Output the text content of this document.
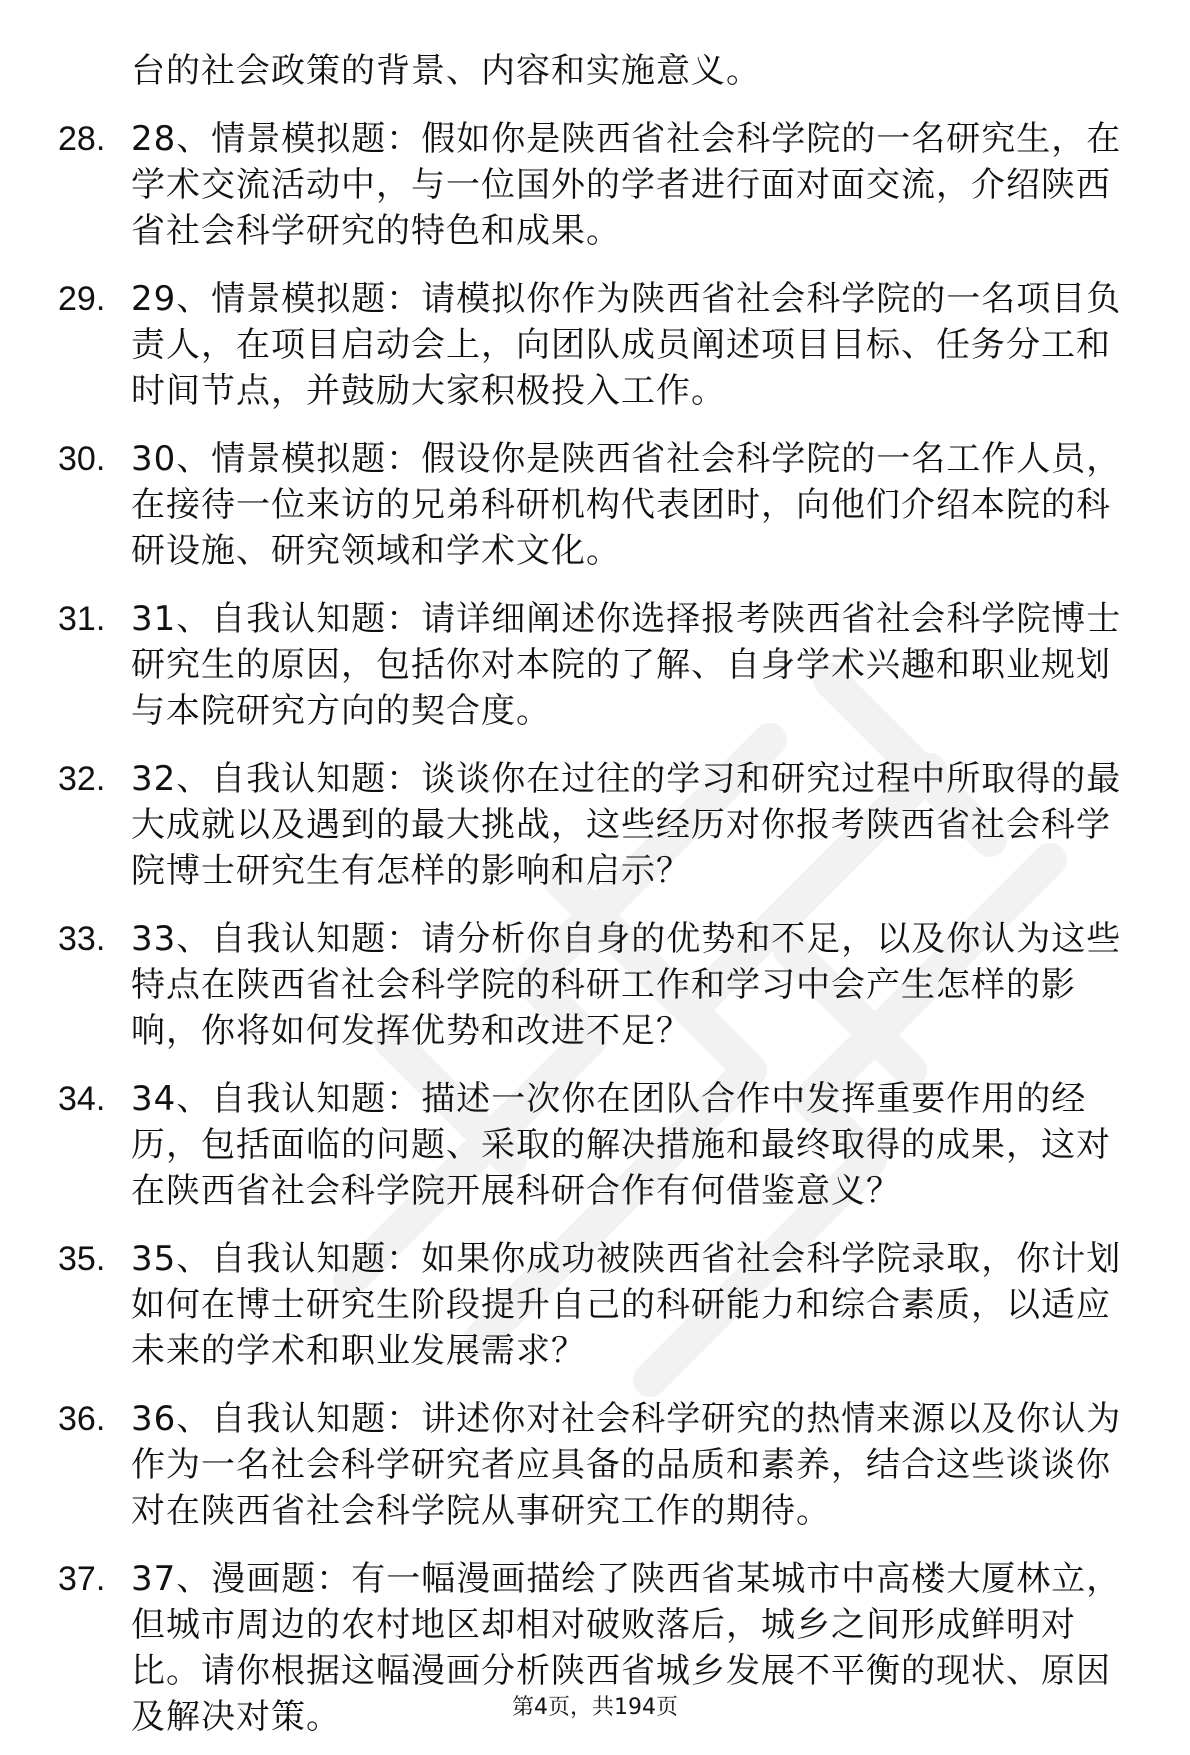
台的社会政策的背景、内容和实施意义。
28. 28、情景模拟题：假如你是陕西省社会科学院的一名研究生，在
学术交流活动中，与一位国外的学者进行面对面交流，介绍陕西
省社会科学研究的特色和成果。
29. 29、情景模拟题：请模拟你作为陕西省社会科学院的一名项目负
责人，在项目启动会上，向团队成员阐述项目目标、任务分工和
时间节点，并鼓励大家积极投入工作。
30. 30、情景模拟题：假设你是陕西省社会科学院的一名工作人员，
在接待一位来访的兄弟科研机构代表团时，向他们介绍本院的科
研设施、研究领域和学术文化。
31. 31、自我认知题：请详细阐述你选择报考陕西省社会科学院博士
研究生的原因，包括你对本院的了解、自身学术兴趣和职业规划
与本院研究方向的契合度。
32. 32、自我认知题：谈谈你在过往的学习和研究过程中所取得的最
大成就以及遇到的最大挑战，这些经历对你报考陕西省社会科学
院博士研究生有怎样的影响和启示？
33. 33、自我认知题：请分析你自身的优势和不足，以及你认为这些
特点在陕西省社会科学院的科研工作和学习中会产生怎样的影
响，你将如何发挥优势和改进不足？
34. 34、自我认知题：描述一次你在团队合作中发挥重要作用的经
历，包括面临的问题、采取的解决措施和最终取得的成果，这对
在陕西省社会科学院开展科研合作有何借鉴意义？
35. 35、自我认知题：如果你成功被陕西省社会科学院录取，你计划
如何在博士研究生阶段提升自己的科研能力和综合素质，以适应
未来的学术和职业发展需求？
36. 36、自我认知题：讲述你对社会科学研究的热情来源以及你认为
作为一名社会科学研究者应具备的品质和素养，结合这些谈谈你
对在陕西省社会科学院从事研究工作的期待。
37. 37、漫画题：有一幅漫画描绘了陕西省某城市中高楼大厦林立，
但城市周边的农村地区却相对破败落后，城乡之间形成鲜明对
比。请你根据这幅漫画分析陕西省城乡发展不平衡的现状、原因
及解决对策。	第4页，共194页
